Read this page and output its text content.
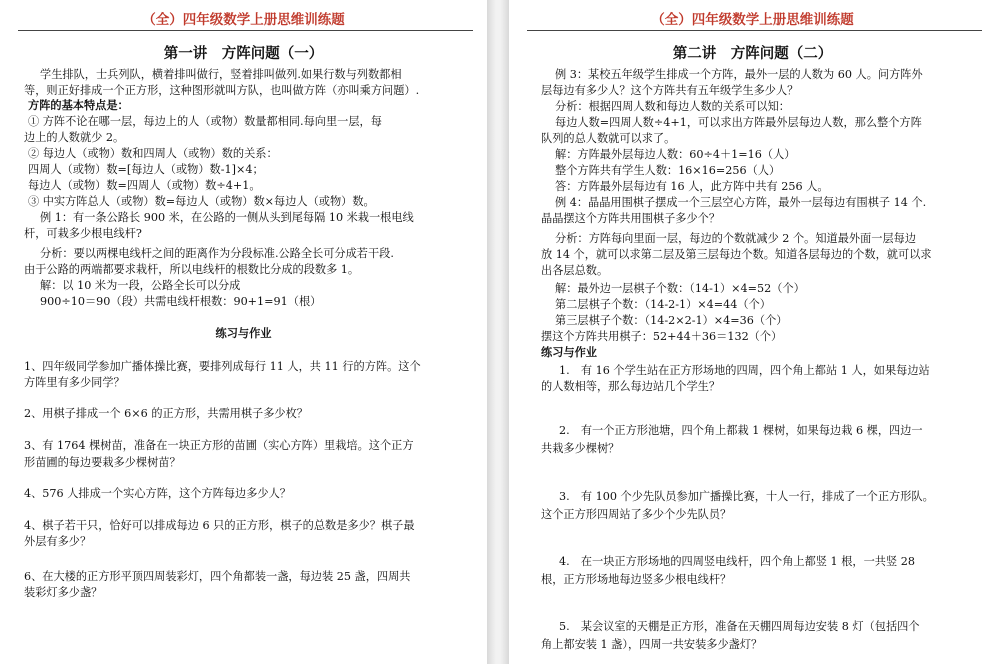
（全）四年级数学上册思维训练题
第一讲　方阵问题（一）
学生排队，士兵列队，横着排叫做行，竖着排叫做列.如果行数与列数都相
等，则正好排成一个正方形，这种图形就叫方队，也叫做方阵（亦叫乘方问题）.
方阵的基本特点是：
① 方阵不论在哪一层，每边上的人（或物）数量都相同.每向里一层，每
边上的人数就少 2。
② 每边人（或物）数和四周人（或物）数的关系：
四周人（或物）数=[每边人（或物）数-1]×4；
每边人（或物）数=四周人（或物）数÷4+1。
③ 中实方阵总人（或物）数=每边人（或物）数×每边人（或物）数。
例 1：有一条公路长 900 米，在公路的一侧从头到尾每隔 10 米栽一根电线
杆，可栽多少根电线杆?
分析：要以两棵电线杆之间的距离作为分段标准.公路全长可分成若干段.
由于公路的两端都要求栽杆，所以电线杆的根数比分成的段数多 1。
解：以 10 米为一段，公路全长可以分成
900÷10＝90（段）共需电线杆根数：90+1=91（根）
练习与作业
1、四年级同学参加广播体操比赛，要排列成每行 11 人，共 11 行的方阵。这个
方阵里有多少同学？
2、用棋子排成一个 6×6 的正方形，共需用棋子多少枚？
3、有 1764 棵树苗，准备在一块正方形的苗圃（实心方阵）里栽培。这个正方
形苗圃的每边要栽多少棵树苗？
4、576 人排成一个实心方阵，这个方阵每边多少人？
4、棋子若干只，恰好可以排成每边 6 只的正方形，棋子的总数是多少？棋子最
外层有多少？
6、在大楼的正方形平顶四周装彩灯，四个角都装一盏，每边装 25 盏，四周共
装彩灯多少盏？
（全）四年级数学上册思维训练题
第二讲　方阵问题（二）
例 3：某校五年级学生排成一个方阵，最外一层的人数为 60 人。问方阵外
层每边有多少人？这个方阵共有五年级学生多少人？
分析：根据四周人数和每边人数的关系可以知：
每边人数=四周人数÷4+1，可以求出方阵最外层每边人数，那么整个方阵
队列的总人数就可以求了。
解：方阵最外层每边人数：60÷4＋1=16（人）
整个方阵共有学生人数：16×16=256（人）
答：方阵最外层每边有 16 人，此方阵中共有 256 人。
例 4：晶晶用围棋子摆成一个三层空心方阵，最外一层每边有围棋子 14 个.
晶晶摆这个方阵共用围棋子多少个？
分析：方阵每向里面一层，每边的个数就减少 2 个。知道最外面一层每边
放 14 个，就可以求第二层及第三层每边个数。知道各层每边的个数，就可以求
出各层总数。
解：最外边一层棋子个数：（14-1）×4=52（个）
第二层棋子个数：（14-2-1）×4=44（个）
第三层棋子个数：（14-2×2-1）×4=36（个）
摆这个方阵共用棋子：52+44＋36＝132（个）
练习与作业
1.　有 16 个学生站在正方形场地的四周，四个角上都站 1 人，如果每边站
的人数相等，那么每边站几个学生？
2.　有一个正方形池塘，四个角上都栽 1 棵树，如果每边栽 6 棵，四边一
共栽多少棵树？
3.　有 100 个少先队员参加广播操比赛，十人一行，排成了一个正方形队。
这个正方形四周站了多少个少先队员？
4.　在一块正方形场地的四周竖电线杆，四个角上都竖 1 根，一共竖 28
根，正方形场地每边竖多少根电线杆？
5.　某会议室的天棚是正方形，准备在天棚四周每边安装 8 灯（包括四个
角上都安装 1 盏），四周一共安装多少盏灯？
